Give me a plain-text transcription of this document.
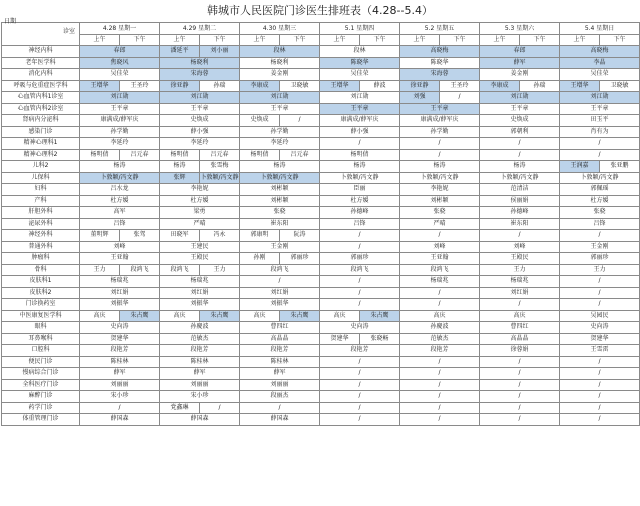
韩城市人民医院门诊医生排班表（4.28--5.4）
日期
诊室	4.28 星期一		4.29 星期二		4.30 星期三		5.1 星期四		5.2 星期五		5.3 星期六		5.4 星期日		
	上午	下午	上午	下午	上午	下午	上午	下午	上午	下午	上午	下午	上午	下午	
神经内科	春郎		潘延平	刘小丽	段林		段林		高晓梅		春郎		高晓梅		
老年医学科	焦晓风		杨晓利		杨晓利		陈晓华		陈晓华		薛军		李晶		
消化内科	吴佳荣		宋海蓉		姜金刚		吴佳荣		宋海蓉		姜金刚		吴佳荣		
呼吸与危重症医学科	王增华	王圣玲	徐亚静	孙瑞	李康成	卫晓敏	王增华	薛波	徐亚静	王圣玲	李康成	孙瑞	王增华	卫晓敏	
心血管内科1诊室	刘江勋		刘江勋		刘江勋		刘江勋		刘强	/	刘江勋		刘江勋		
心血管内科2诊室	王平章		王平章		王平章		王平章		王平章		王平章		王平章		
肾病内分泌科	康满成/薛军庆		史焕成		史焕成	/	康满成/薛军庆		康满成/薛军庆		史焕成		田玉平		
感染门诊	孙学勤		薛小强		孙学勤		薛小强		孙学勤		郭朝利		肖有为		
精神心理科1	李延玲		李延玲		李延玲		/		/		/		/		
精神心理科2	杨明倩	吕元春	杨明倩	吕元春	杨明倩	吕元春	杨明倩		/		/		/	
儿科2	杨涛		杨涛	张雪梅	杨涛		杨涛		杨涛		杨涛		王润嘉	张亚鹏	
儿保科	卜敦颖/冯文静		张辉	卜敦颖/冯文静	卜敦颖/冯文静		卜敦颖/冯文静		卜敦颖/冯文静		卜敦颖/冯文静		卜敦颖/冯文静		
妇科	吕水龙		李艳妮		刘彬颖		臣丽		李艳妮		范清洁		郭佩瑶		
产科	杜方媛		杜方媛		刘彬颖		杜方媛		刘彬颖		侯丽娟		杜方媛		
肝胆外科	高军		梁勇		张骁		孙德峰		张骁		孙德峰		张骁		
泌尿外科	吕锋		严晴		崔东阳		吕锋		严晴		崔东阳		吕锋		
神经外科	董明辉	张驾	田晓军	冯永	郭康明	阮涛	/		/		/		/		
普通外科	刘峰		王建民		王金刚		/		刘峰		刘峰		王金刚		
肿瘤科	王亚翰		王殿民		孙刚	郭丽珍	郭丽珍		王亚翰		王殿民		郭丽珍		
骨科	王力	段鸿飞	段鸿飞	王力	段鸿飞		段鸿飞		段鸿飞		王力		王力		
皮肤科1	杨瑞兆		杨瑞兆		/		/		杨瑞兆		杨瑞兆		/		
皮肤科2	刘红娟		刘红娟		刘红娟		/		/		刘红娟		/		
门诊换药室	刘振华		刘振华		刘振华		/		/		/		/		
中医康复医学科	高庆	朱占鹰	高庆	朱占鹰	高庆	朱占鹰	高庆	朱占鹰	高庆		高庆		吴园民		
眼科	史向涛		孙慶波		曹四红		史向涛		孙慶波		曹四红		史向涛		
耳鼻喉科	贺建华		范敏杰		高晶晶		贺建华	张晓畅	范敏杰		高晶晶		贺建华		
口腔科	段艳芳		段艳芳		段艳芳		段艳芳		段艳芳		徐蓉娟		王雪雷		
便民门诊	陈桂林		陈桂林		陈桂林		/		/		/		/		
慢病综合门诊	薛军		薛军		薛军		/		/		/		/		
全科医疗门诊	刘丽丽		刘丽丽		刘丽丽		/		/		/		/		
麻醉门诊	宋小珍		宋小珍		段丽杰		/		/		/		/		
药学门诊	/		党鑫琳	/	/		/		/		/		/		
体重管理门诊	薛国森		薛国森		薛国森		/		/		/		/		
